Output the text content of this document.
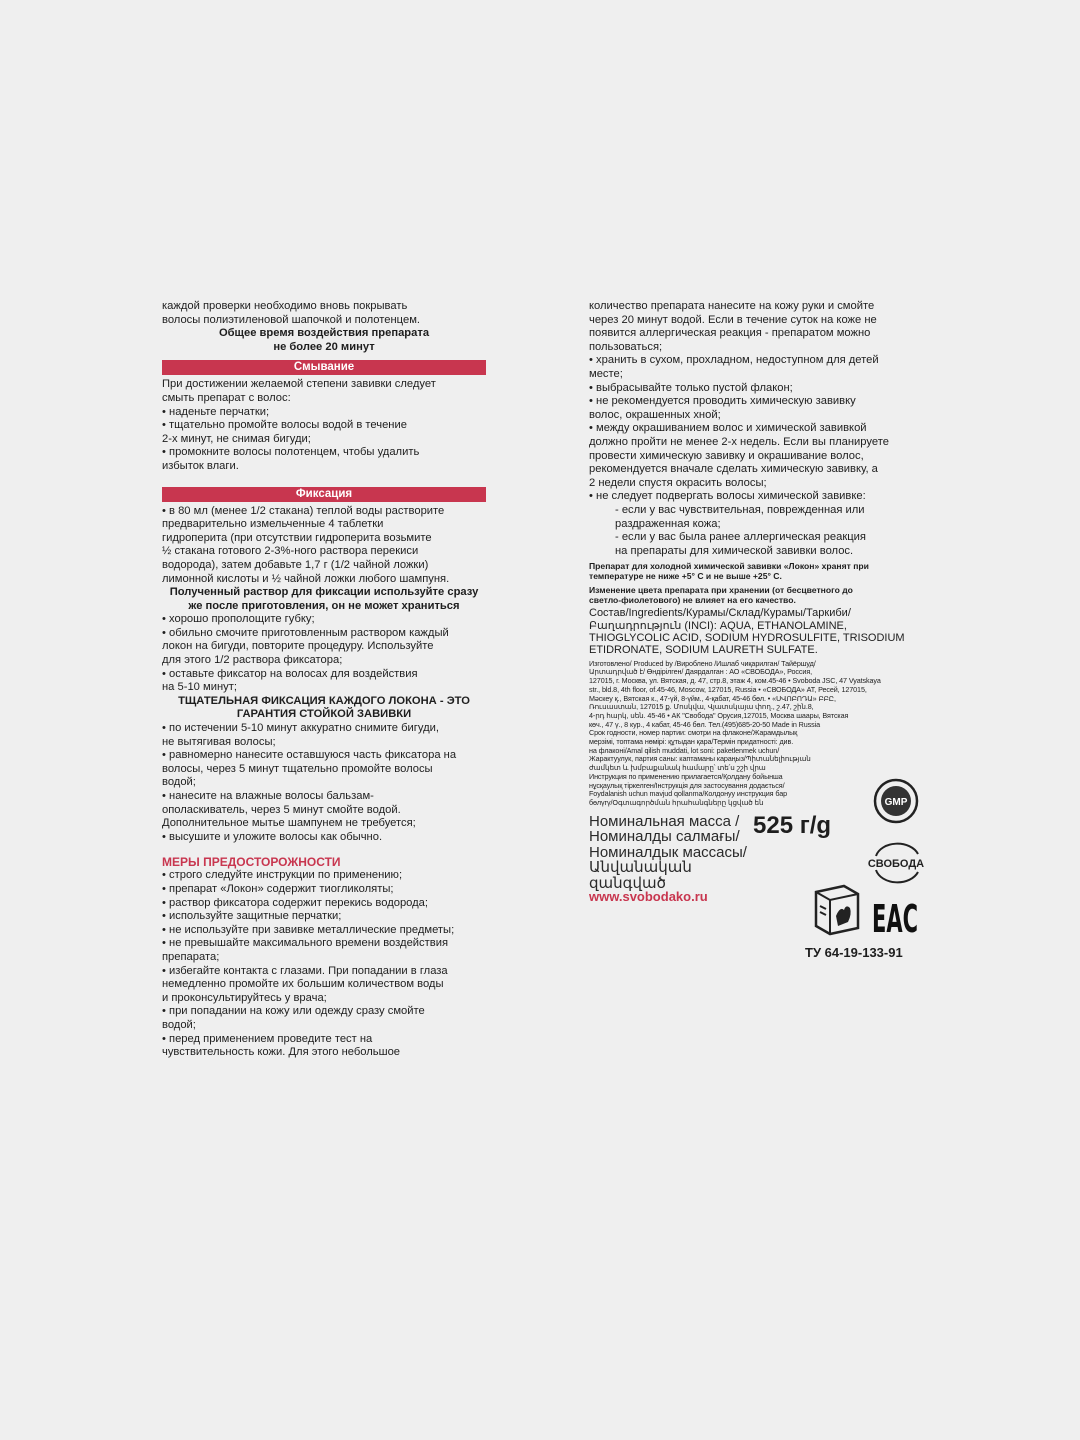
каждой проверки необходимо вновь покрывать

волосы полиэтиленовой шапочкой и полотенцем.

Общее время воздействия препарата

не более 20 минут

Смывание

При достижении желаемой степени завивки следует

смыть препарат с волос:

• наденьте перчатки;

• тщательно промойте волосы водой в течение

2-х минут, не снимая бигуди;

• промокните волосы полотенцем, чтобы удалить

избыток влаги.

Фиксация

• в 80 мл (менее 1/2 стакана) теплой воды растворите

предварительно измельченные 4 таблетки

гидроперита (при отсутствии гидроперита возьмите

½ стакана готового 2-3%-ного раствора перекиси

водорода), затем добавьте 1,7 г (1/2 чайной ложки)

лимонной кислоты и ½ чайной ложки любого шампуня.

Полученный раствор для фиксации используйте сразу

же после приготовления, он не может храниться

• хорошо прополощите губку;

• обильно смочите приготовленным раствором каждый

локон на бигуди, повторите процедуру. Используйте

для этого 1/2 раствора фиксатора;

• оставьте фиксатор на волосах для воздействия

на 5-10 минут;

ТЩАТЕЛЬНАЯ ФИКСАЦИЯ КАЖДОГО ЛОКОНА - ЭТО

ГАРАНТИЯ СТОЙКОЙ ЗАВИВКИ

• по истечении 5-10 минут аккуратно снимите бигуди,

не вытягивая волосы;

• равномерно нанесите оставшуюся часть фиксатора на

волосы, через 5 минут тщательно промойте волосы

водой;

• нанесите на влажные волосы бальзам-

ополаскиватель, через 5 минут смойте водой.

Дополнительное мытье шампунем не требуется;

• высушите и уложите волосы как обычно.

МЕРЫ ПРЕДОСТОРОЖНОСТИ

• строго следуйте инструкции по применению;

• препарат «Локон» содержит тиогликоляты;

• раствор фиксатора содержит перекись водорода;

• используйте защитные перчатки;

• не используйте при завивке металлические предметы;

• не превышайте максимального времени воздействия

препарата;

• избегайте контакта с глазами. При попадании в глаза

немедленно промойте их большим количеством воды

и проконсультируйтесь у врача;

• при попадании на кожу или одежду сразу смойте

водой;

• перед применением проведите тест на

чувствительность кожи. Для этого небольшое

количество препарата нанесите на кожу руки и смойте

через 20 минут водой. Если в течение суток на коже не

появится аллергическая реакция - препаратом можно

пользоваться;

• хранить в сухом, прохладном, недоступном для детей

месте;

• выбрасывайте только пустой флакон;

• не рекомендуется проводить химическую завивку

волос, окрашенных хной;

• между окрашиванием волос и химической завивкой

должно пройти не менее 2-х недель. Если вы планируете

провести химическую завивку и окрашивание волос,

рекомендуется вначале сделать химическую завивку, а

2 недели спустя окрасить волосы;

• не следует подвергать волосы химической завивке:

- если у вас чувствительная, поврежденная или

раздраженная кожа;

- если у вас была ранее аллергическая реакция

на препараты для химической завивки волос.

Препарат для холодной химической завивки «Локон» хранят при

температуре не ниже +5° С и не выше +25° С.

Изменение цвета препарата при хранении (от бесцветного до

светло-фиолетового) не влияет на его качество.

Состав/Ingredients/Курамы/Склад/Курамы/Таркиби/

Բաղադրություն (INCI): AQUA, ETHANOLAMINE,

THIOGLYCOLIC ACID, SODIUM HYDROSULFITE, TRISODIUM

ETIDRONATE, SODIUM LAURETH SULFATE.

Изготовлено/ Produced by /Вироблено /Ишлаб чиқарилган/ Тайёршуд/

Արտադրված է/ Өндірілген/ Даярдалган : АО «СВОБОДА», Россия,

127015, г. Москва, ул. Вятская, д. 47, стр.8, этаж 4, ком.45-46 • Svoboda JSC, 47 Vyatskaya

str., bld.8, 4th floor, of.45-46, Moscow, 127015, Russia • «СВОБОДА» АТ, Ресей, 127015,

Мәскеу қ., Вятская к., 47-үй, 8-үйм., 4-қабат, 45-46 бөл. • «ՍՎՈԲՈԴԱ» ԲԲԸ,

Ռուսաստան, 127015 ք. Մոսկվա, Վյատսկայա փող., շ.47, շին.8,

4-րդ հարկ, սեն. 45-46 • АК "Свобода" Орусия,127015, Москва шаары, Вятская

көч., 47 ү., 8 кур., 4 кабат, 45-46 бөл. Тел.(495)685-20-50 Made in Russia

Срок годности, номер партии: смотри на флаконе/Жарамдылық

мерзімі, топтама нөмірі: құтыдан қара/Термін придатності: див.

на флаконі/Amal qilish muddati, lot soni: paketlenmek uchun/

Жарактуулук, партия саны: каптаманы караңыз/Պիտանելիության

ժամկետ և խմբաքանակ համարը՝ տե՛ս շշի վրա

Инструкция по применению прилагается/Қолдану бойынша

нұсқаулық тіркелген/Інструкція для застосування додається/

Foydalanish uchun mavjud qollanma/Колдонуу инструкция бар

бөлүгү/Օգտագործման հրահանգները կցված են

Номинальная масса /

Номиналды салмағы/

Номиналдык массасы/

Անվանական զանգված

525 г/g
www.svobodako.ru
GMP
СВОБОДА
EAC
ТУ 64-19-133-91
